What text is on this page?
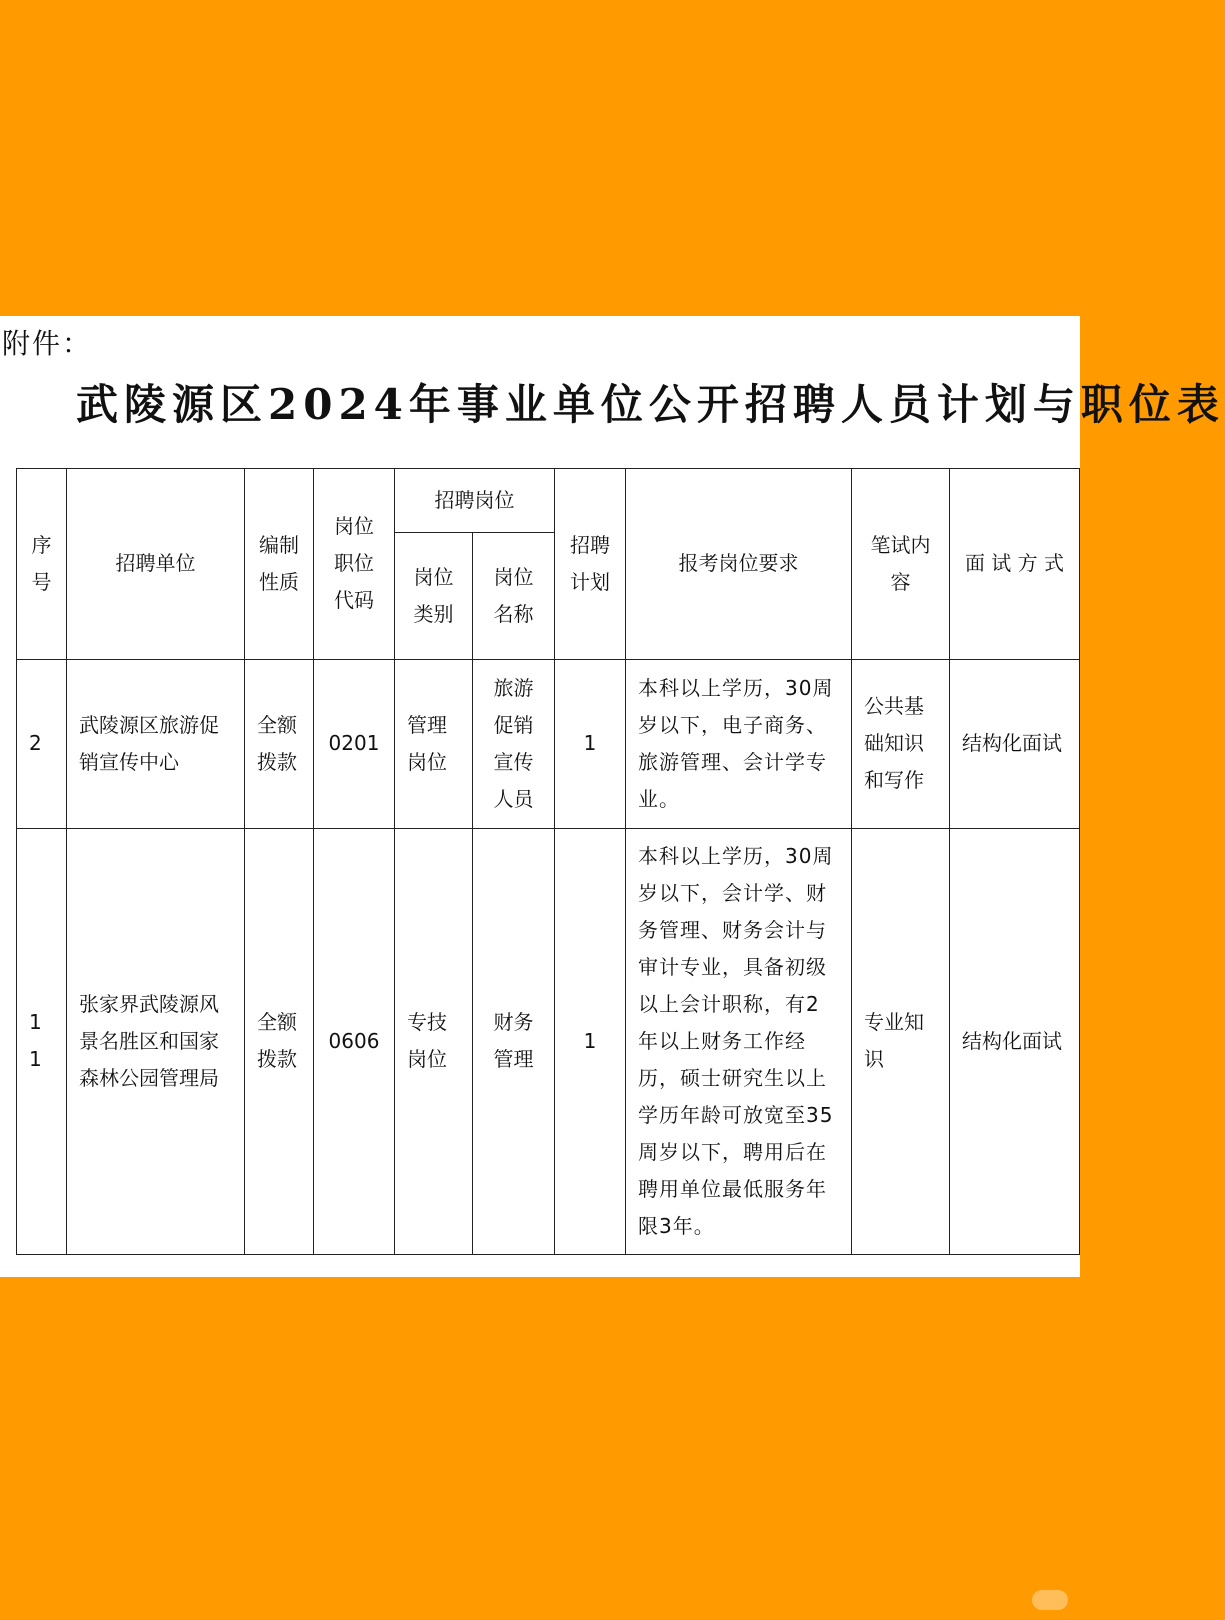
附件：
武陵源区2024年事业单位公开招聘人员计划与职位表
序号	招聘单位	编制性质	岗位职位代码	招聘岗位		招聘计划	报考岗位要求	笔试内容	面 试 方 式
				岗位类别	岗位名称				
2	武陵源区旅游促销宣传中心	全额拨款	0201	管理岗位	旅游促销宣传人员	1	本科以上学历，30周岁以下，电子商务、旅游管理、会计学专业。	公共基础知识和写作	结构化面试
11	张家界武陵源风景名胜区和国家森林公园管理局	全额拨款	0606	专技岗位	财务管理	1	本科以上学历，30周岁以下，会计学、财务管理、财务会计与审计专业，具备初级以上会计职称，有2年以上财务工作经历，硕士研究生以上学历年龄可放宽至35周岁以下，聘用后在聘用单位最低服务年限3年。	专业知识	结构化面试
